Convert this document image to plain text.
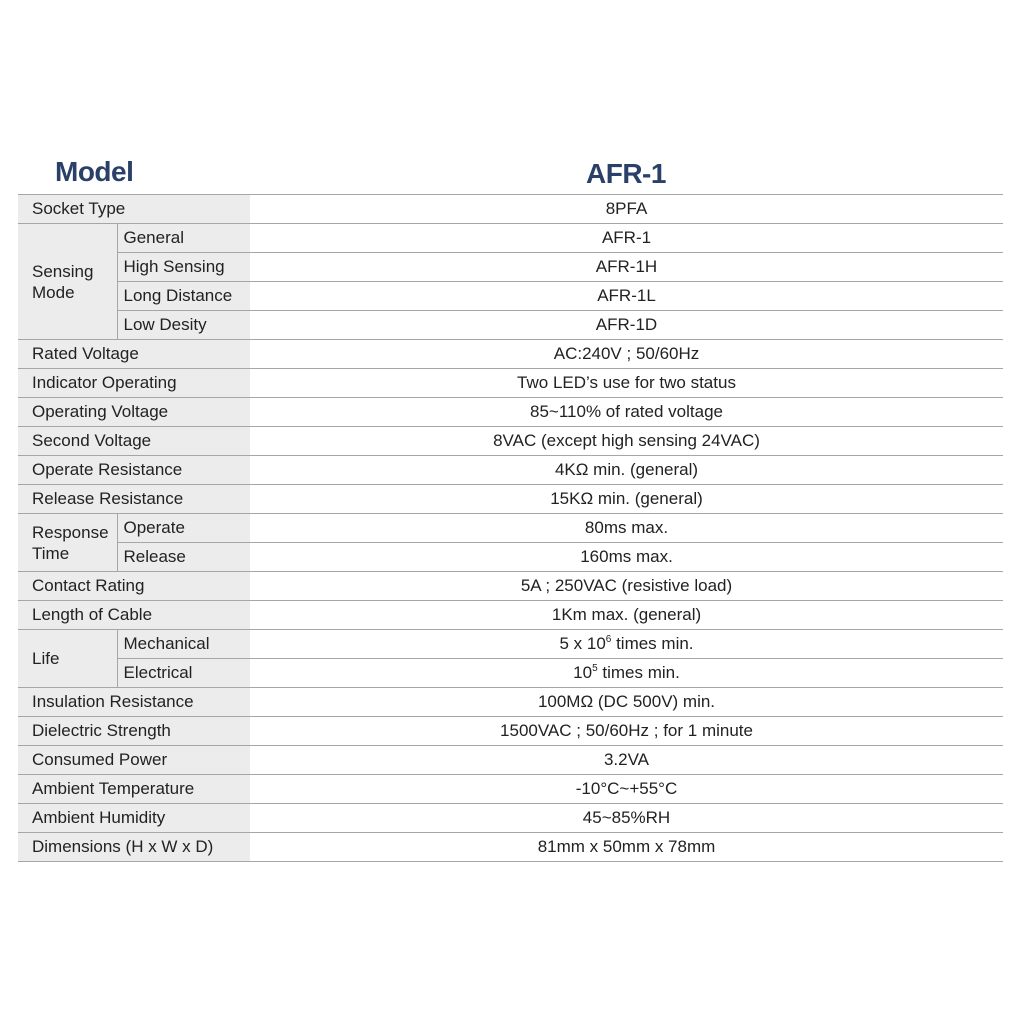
Model	AFR-1
Socket Type		8PFA
Sensing
Mode	General	AFR-1
	High Sensing	AFR-1H
	Long Distance	AFR-1L
	Low Desity	AFR-1D
Rated Voltage		AC:240V ; 50/60Hz
Indicator Operating		Two LED’s use for two status
Operating Voltage		85~110% of rated voltage
Second Voltage		8VAC (except high sensing 24VAC)
Operate Resistance		4KΩ min. (general)
Release Resistance		15KΩ min. (general)
Response
Time	Operate	80ms max.
	Release	160ms max.
Contact Rating		5A ; 250VAC (resistive load)
Length of Cable		1Km max. (general)
Life	Mechanical	5 x $10^6$ times min.
	Electrical	$10^5$ times min.
Insulation Resistance		100MΩ (DC 500V) min.
Dielectric Strength		1500VAC ; 50/60Hz ; for 1 minute
Consumed Power		3.2VA
Ambient Temperature		-10°C~+55°C
Ambient Humidity		45~85%RH
Dimensions (H x W x D)		81mm x 50mm x 78mm
